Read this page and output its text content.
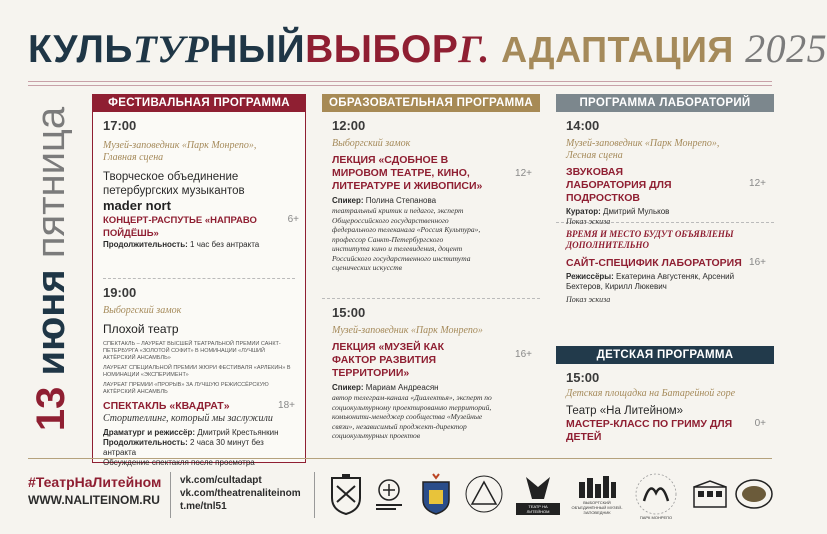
КУЛЬТУРНЫЙВЫБОРГ. АДАПТАЦИЯ 2025
13 июня пятница
ФЕСТИВАЛЬНАЯ ПРОГРАММА
17:00
Музей-заповедник «Парк Монрепо»,
Главная сцена
Творческое объединение
петербургских музыкантов
mader nort
КОНЦЕРТ-РАСПУТЬЕ «НАПРАВО ПОЙДЁШЬ»
6+
Продолжительность: 1 час без антракта
19:00
Выборгский замок
Плохой театр
СПЕКТАКЛЬ – ЛАУРЕАТ ВЫСШЕЙ ТЕАТРАЛЬНОЙ ПРЕМИИ САНКТ-ПЕТЕРБУРГА «ЗОЛОТОЙ СОФИТ» В НОМИНАЦИИ «ЛУЧШИЙ АКТЁРСКИЙ АНСАМБЛЬ»
ЛАУРЕАТ СПЕЦИАЛЬНОЙ ПРЕМИИ ЖЮРИ ФЕСТИВАЛЯ «АРЛЕКИН» В НОМИНАЦИИ «ЭКСПЕРИМЕНТ»
ЛАУРЕАТ ПРЕМИИ «ПРОРЫВ» ЗА ЛУЧШУЮ РЕЖИССЁРСКУЮ АКТЁРСКИЙ АНСАМБЛЬ
СПЕКТАКЛЬ «КВАДРАТ»	18+
Сторителлинг, который мы заслужили
Драматург и режиссёр: Дмитрий Крестьянкин
Продолжительность: 2 часа 30 минут без антракта
Обсуждение спектакля после просмотра
ОБРАЗОВАТЕЛЬНАЯ ПРОГРАММА
12:00
Выборгский замок
ЛЕКЦИЯ «СДОБНОЕ В МИРОВОМ ТЕАТРЕ, КИНО, ЛИТЕРАТУРЕ И ЖИВОПИСИ»
12+
Спикер: Полина Степанова
театральный критик и педагог, эксперт Общероссийского государственного федерального телеканала «Россия Культура», профессор Санкт-Петербургского института кино и телевидения, доцент Российского государственного института сценических искусств
15:00
Музей-заповедник «Парк Монрепо»
ЛЕКЦИЯ «МУЗЕЙ КАК ФАКТОР РАЗВИТИЯ ТЕРРИТОРИИ»
16+
Спикер: Мариам Андреасян
автор телеграм-канала «Диалектья», эксперт по социокультурному проектированию территорий, комьюнити-менеджер сообщества «Музейные связи», независимый проджект-директор социокультурных проектов
ПРОГРАММА ЛАБОРАТОРИЙ
14:00
Музей-заповедник «Парк Монрепо»,
Лесная сцена
ЗВУКОВАЯ ЛАБОРАТОРИЯ ДЛЯ ПОДРОСТКОВ
12+
Куратор: Дмитрий Мульков
Показ эскиза
ВРЕМЯ И МЕСТО БУДУТ ОБЪЯВЛЕНЫ ДОПОЛНИТЕЛЬНО
САЙТ-СПЕЦИФИК ЛАБОРАТОРИЯ 16+
Режиссёры: Екатерина Августеняк, Арсений Бехтеров, Кирилл Люкевич
Показ эскиза
ДЕТСКАЯ ПРОГРАММА
15:00
Детская площадка на Батарейной горе
Театр «На Литейном»
МАСТЕР-КЛАСС ПО ГРИМУ ДЛЯ ДЕТЕЙ
0+
#ТеатрНаЛитейном
WWW.NALITEINOM.RU
vk.com/cultadapt
vk.com/theatrenaliteinom
t.me/tnl51	ТЕАТР НА ЛИТЕЙНОМ
ВЫБОРГСКИЙ ОБЪЕДИНЁННЫЙ МУЗЕЙ-ЗАПОВЕДНИК
ПАРК МОНРЕПО
